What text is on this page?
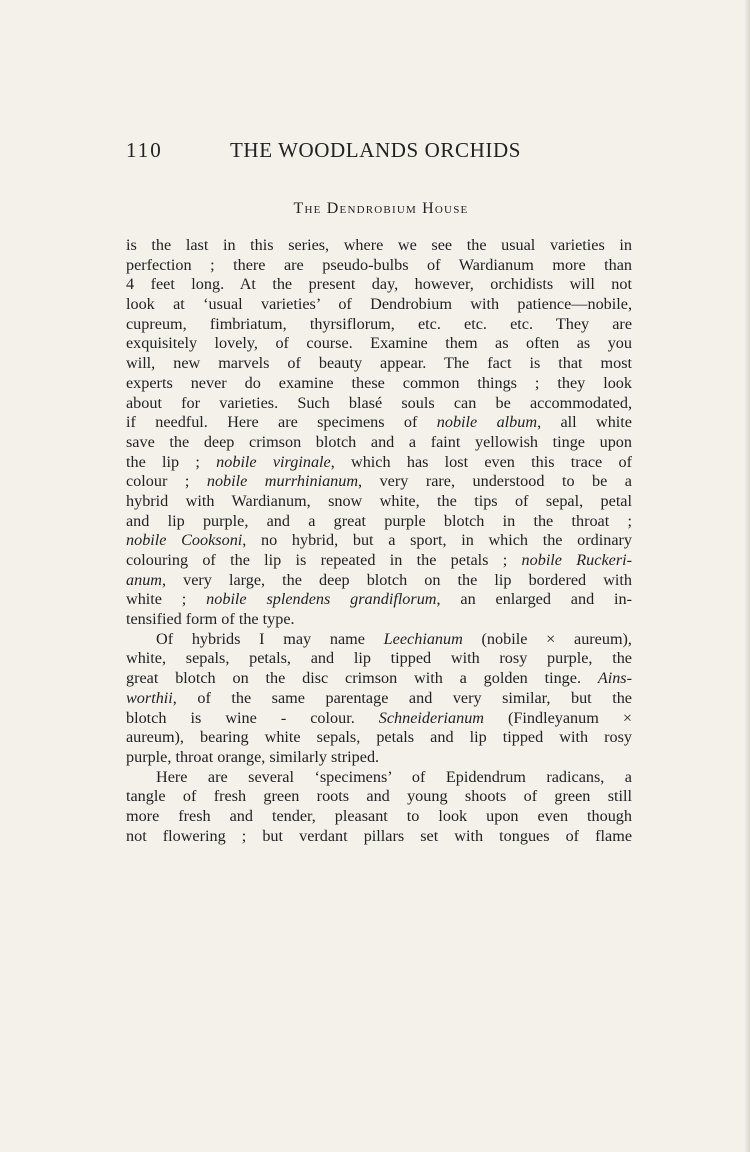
110	THE WOODLANDS ORCHIDS
The Dendrobium House
is the last in this series, where we see the usual varieties in
perfection ; there are pseudo-bulbs of Wardianum more than
4 feet long. At the present day, however, orchidists will not
look at ‘usual varieties’ of Dendrobium with patience—nobile,
cupreum, fimbriatum, thyrsiflorum, etc. etc. etc. They are
exquisitely lovely, of course. Examine them as often as you
will, new marvels of beauty appear. The fact is that most
experts never do examine these common things ; they look
about for varieties. Such blasé souls can be accommodated,
if needful. Here are specimens of nobile album, all white
save the deep crimson blotch and a faint yellowish tinge upon
the lip ; nobile virginale, which has lost even this trace of
colour ; nobile murrhinianum, very rare, understood to be a
hybrid with Wardianum, snow white, the tips of sepal, petal
and lip purple, and a great purple blotch in the throat ;
nobile Cooksoni, no hybrid, but a sport, in which the ordinary
colouring of the lip is repeated in the petals ; nobile Ruckeri-
anum, very large, the deep blotch on the lip bordered with
white ; nobile splendens grandiflorum, an enlarged and in-
tensified form of the type.
Of hybrids I may name Leechianum (nobile × aureum),
white, sepals, petals, and lip tipped with rosy purple, the
great blotch on the disc crimson with a golden tinge. Ains-
worthii, of the same parentage and very similar, but the
blotch is wine - colour. Schneiderianum (Findleyanum ×
aureum), bearing white sepals, petals and lip tipped with rosy
purple, throat orange, similarly striped.
Here are several ‘specimens’ of Epidendrum radicans, a
tangle of fresh green roots and young shoots of green still
more fresh and tender, pleasant to look upon even though
not flowering ; but verdant pillars set with tongues of flame
